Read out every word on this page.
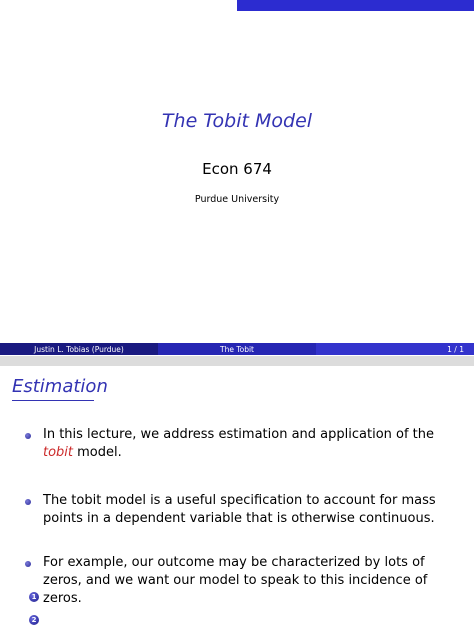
The Tobit Model
Econ 674
Purdue University
Justin L. Tobias (Purdue)	The Tobit	1 / 1
Estimation
In this lecture, we address estimation and application of the tobit model.
The tobit model is a useful specification to account for mass points in a dependent variable that is otherwise continuous.
For example, our outcome may be characterized by lots of zeros, and we want our model to speak to this incidence of zeros.
1
2
